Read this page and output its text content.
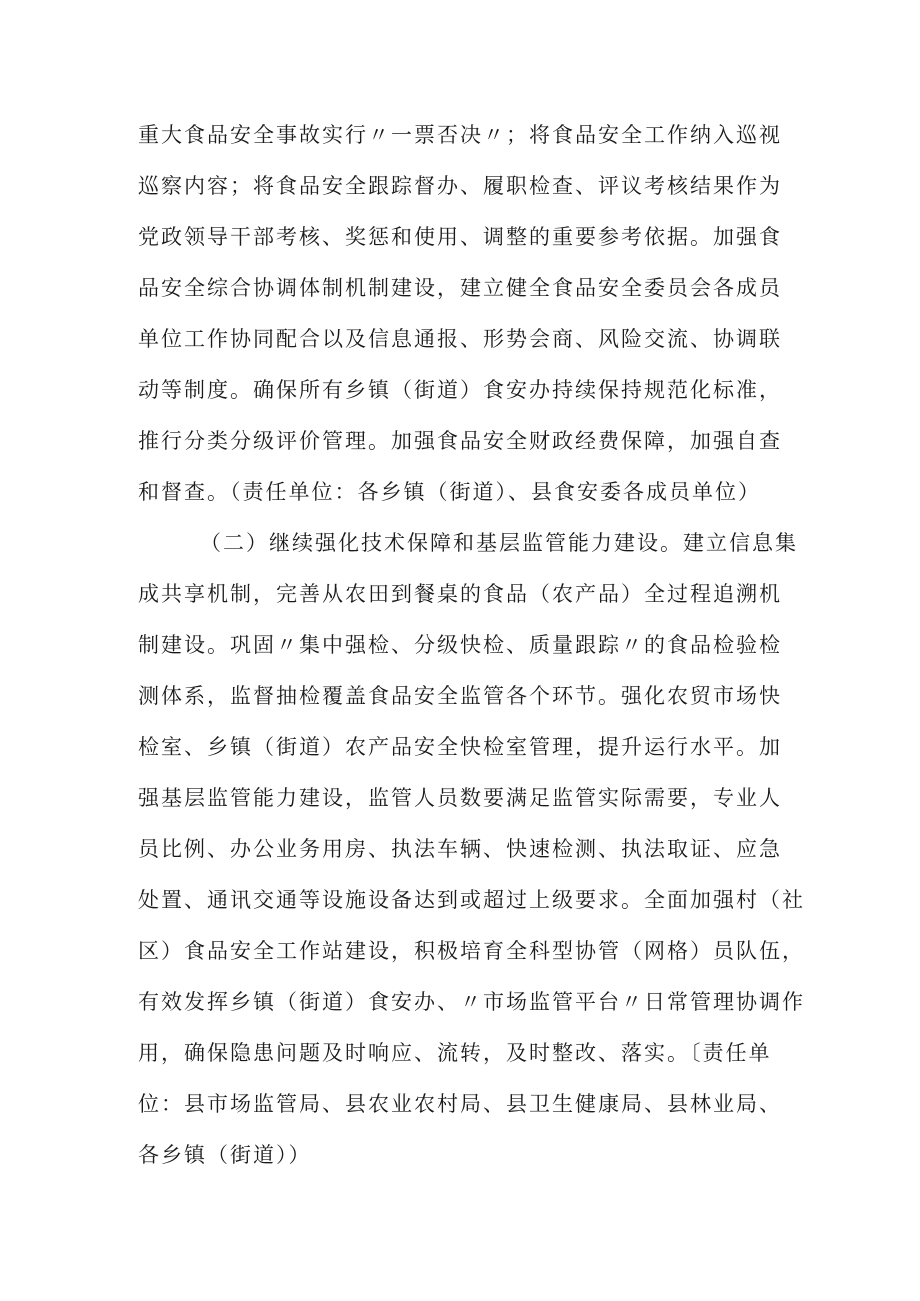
重大食品安全事故实行〃一票否决〃；将食品安全工作纳入巡视
巡察内容；将食品安全跟踪督办、履职检查、评议考核结果作为
党政领导干部考核、奖惩和使用、调整的重要参考依据。加强食
品安全综合协调体制机制建设，建立健全食品安全委员会各成员
单位工作协同配合以及信息通报、形势会商、风险交流、协调联
动等制度。确保所有乡镇（街道）食安办持续保持规范化标准，
推行分类分级评价管理。加强食品安全财政经费保障，加强自查
和督查。（责任单位：各乡镇（街道）、县食安委各成员单位）
（二）继续强化技术保障和基层监管能力建设。建立信息集
成共享机制，完善从农田到餐桌的食品（农产品）全过程追溯机
制建设。巩固〃集中强检、分级快检、质量跟踪〃的食品检验检
测体系，监督抽检覆盖食品安全监管各个环节。强化农贸市场快
检室、乡镇（街道）农产品安全快检室管理，提升运行水平。加
强基层监管能力建设，监管人员数要满足监管实际需要，专业人
员比例、办公业务用房、执法车辆、快速检测、执法取证、应急
处置、通讯交通等设施设备达到或超过上级要求。全面加强村（社
区）食品安全工作站建设，积极培育全科型协管（网格）员队伍，
有效发挥乡镇（街道）食安办、〃市场监管平台〃日常管理协调作
用，确保隐患问题及时响应、流转，及时整改、落实。〔责任单
位：县市场监管局、县农业农村局、县卫生健康局、县林业局、
各乡镇（街道））
